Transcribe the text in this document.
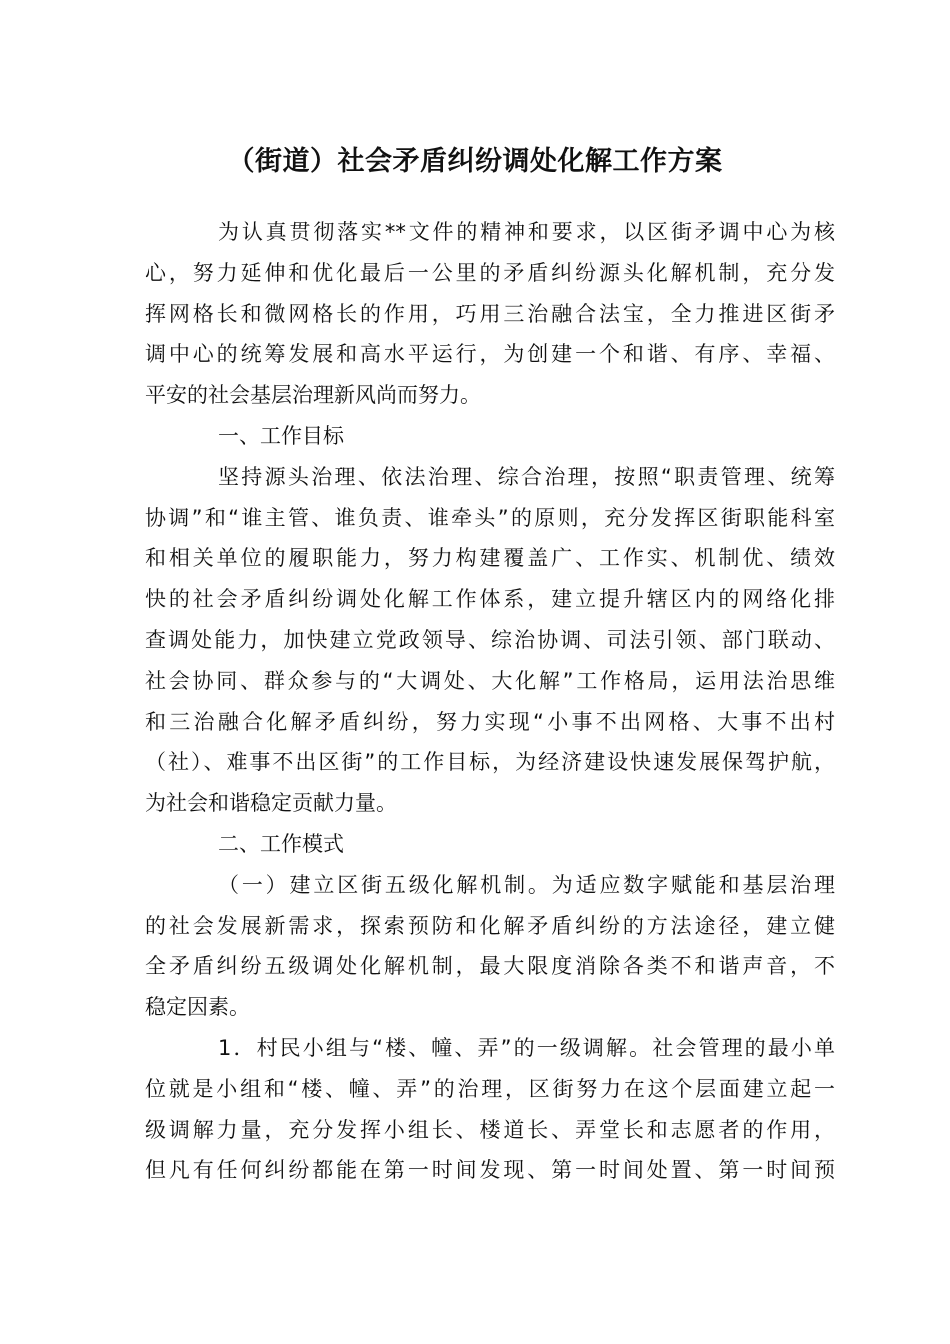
（街道）社会矛盾纠纷调处化解工作方案
为认真贯彻落实**文件的精神和要求，以区街矛调中心为核
心，努力延伸和优化最后一公里的矛盾纠纷源头化解机制，充分发
挥网格长和微网格长的作用，巧用三治融合法宝，全力推进区街矛
调中心的统筹发展和高水平运行，为创建一个和谐、有序、幸福、
平安的社会基层治理新风尚而努力。
一、工作目标
坚持源头治理、依法治理、综合治理，按照“职责管理、统筹
协调”和“谁主管、谁负责、谁牵头”的原则，充分发挥区街职能科室
和相关单位的履职能力，努力构建覆盖广、工作实、机制优、绩效
快的社会矛盾纠纷调处化解工作体系，建立提升辖区内的网络化排
查调处能力，加快建立党政领导、综治协调、司法引领、部门联动、
社会协同、群众参与的“大调处、大化解”工作格局，运用法治思维
和三治融合化解矛盾纠纷，努力实现“小事不出网格、大事不出村
（社）、难事不出区街”的工作目标，为经济建设快速发展保驾护航，
为社会和谐稳定贡献力量。
二、工作模式
（一）建立区街五级化解机制。为适应数字赋能和基层治理
的社会发展新需求，探索预防和化解矛盾纠纷的方法途径，建立健
全矛盾纠纷五级调处化解机制，最大限度消除各类不和谐声音，不
稳定因素。
1．村民小组与“楼、幢、弄”的一级调解。社会管理的最小单
位就是小组和“楼、幢、弄”的治理，区街努力在这个层面建立起一
级调解力量，充分发挥小组长、楼道长、弄堂长和志愿者的作用，
但凡有任何纠纷都能在第一时间发现、第一时间处置、第一时间预
